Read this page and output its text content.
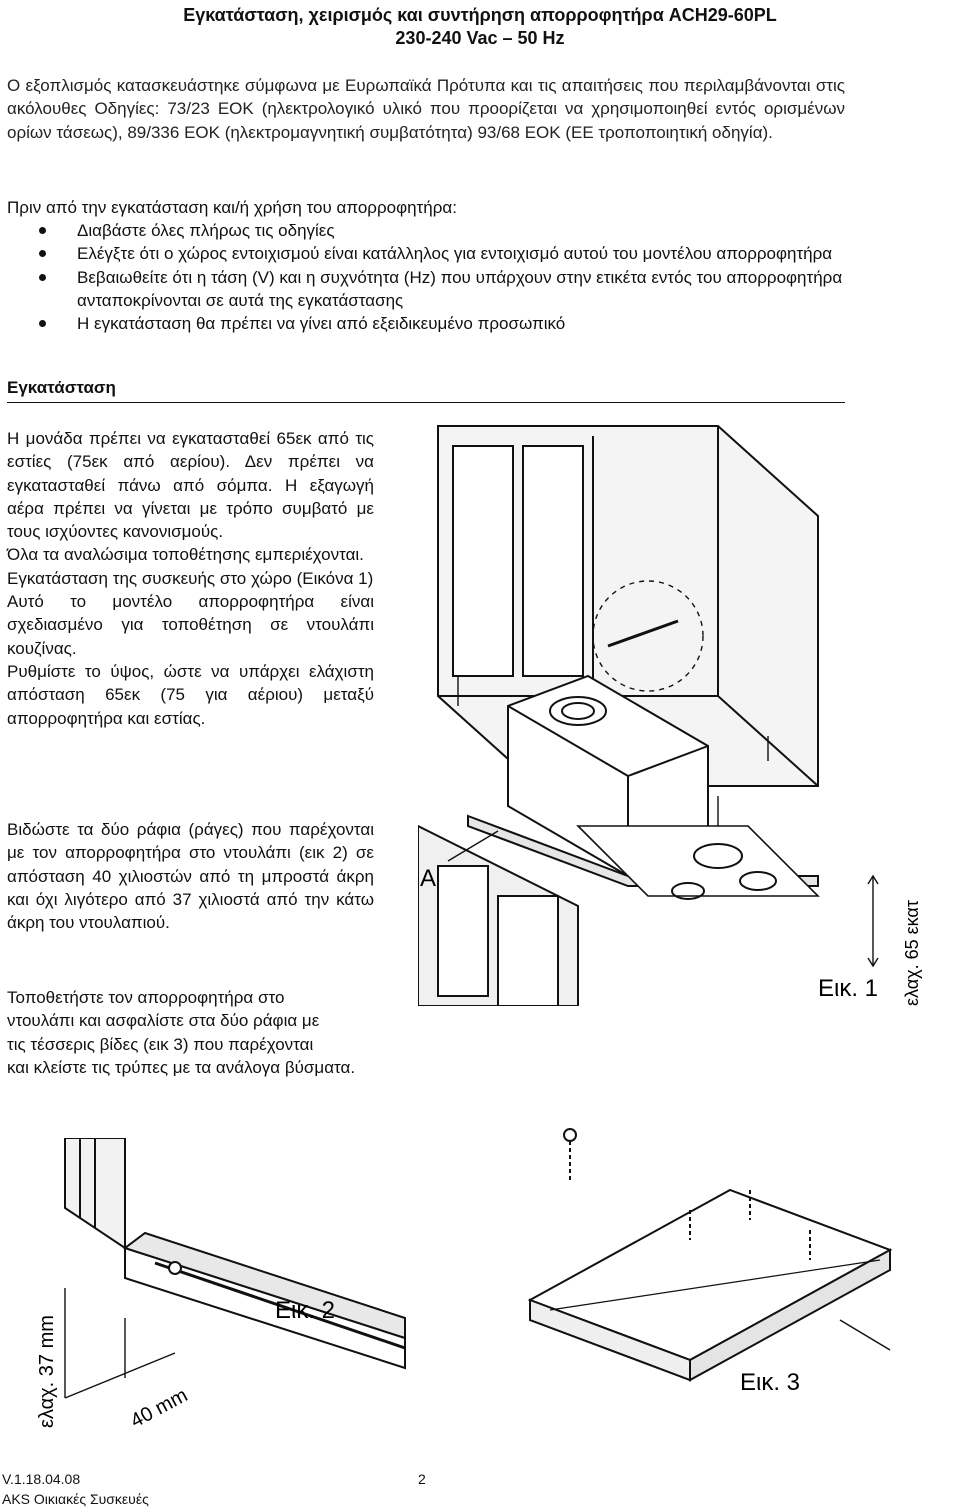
Εγκατάσταση, χειρισμός και συντήρηση απορροφητήρα ACH29-60PL
230-240 Vac – 50 Hz

Ο εξοπλισμός κατασκευάστηκε σύμφωνα με Ευρωπαϊκά Πρότυπα και τις απαιτήσεις που περιλαμβάνονται στις ακόλουθες Οδηγίες: 73/23 ΕΟΚ (ηλεκτρολογικό υλικό που προορίζεται να χρησιμοποιηθεί εντός ορισμένων ορίων τάσεως), 89/336 ΕΟΚ (ηλεκτρομαγνητική συμβατότητα) 93/68 ΕΟΚ (ΕΕ τροποποιητική οδηγία).

Πριν από την εγκατάσταση και/ή χρήση του απορροφητήρα:

Διαβάστε όλες πλήρως τις οδηγίες
Ελέγξτε ότι ο χώρος εντοιχισμού είναι κατάλληλος για εντοιχισμό αυτού του μοντέλου απορροφητήρα
Βεβαιωθείτε ότι η τάση (V) και η συχνότητα (Hz) που υπάρχουν στην ετικέτα εντός του απορροφητήρα ανταποκρίνονται σε αυτά της εγκατάστασης
Η εγκατάσταση θα πρέπει να γίνει από εξειδικευμένο προσωπικό
Εγκατάσταση
Η μονάδα πρέπει να εγκατασταθεί 65εκ από τις εστίες (75εκ από αερίου). Δεν πρέπει να εγκατασταθεί πάνω από σόμπα. Η εξαγωγή αέρα πρέπει να γίνεται με τρόπο συμβατό με τους ισχύοντες κανονισμούς.
Όλα τα αναλώσιμα τοποθέτησης εμπεριέχονται.
Εγκατάσταση της συσκευής στο χώρο (Εικόνα 1)
Αυτό το μοντέλο απορροφητήρα είναι σχεδιασμένο για τοποθέτηση σε ντουλάπι κουζίνας.
Ρυθμίστε το ύψος, ώστε να υπάρχει ελάχιστη απόσταση 65εκ (75 για αέριου) μεταξύ απορροφητήρα και εστίας.
Βιδώστε τα δύο ράφια (ράγες) που παρέχονται με τον απορροφητήρα στο ντουλάπι (εικ 2) σε απόσταση 40 χιλιοστών από τη μπροστά άκρη και όχι λιγότερο από 37 χιλιοστά από την κάτω άκρη του ντουλαπιού.
Τοποθετήστε τον απορροφητήρα στο
ντουλάπι και ασφαλίστε στα δύο ράφια με
τις τέσσερις βίδες (εικ 3) που παρέχονται
και κλείστε τις τρύπες με τα ανάλογα βύσματα.
A
ελαχ. 65 εκατ
Εικ. 1
ελαχ. 37 mm	40 mm
Εικ. 2
Εικ. 3
V.1.18.04.08
AKS Οικιακές Συσκευές
2
